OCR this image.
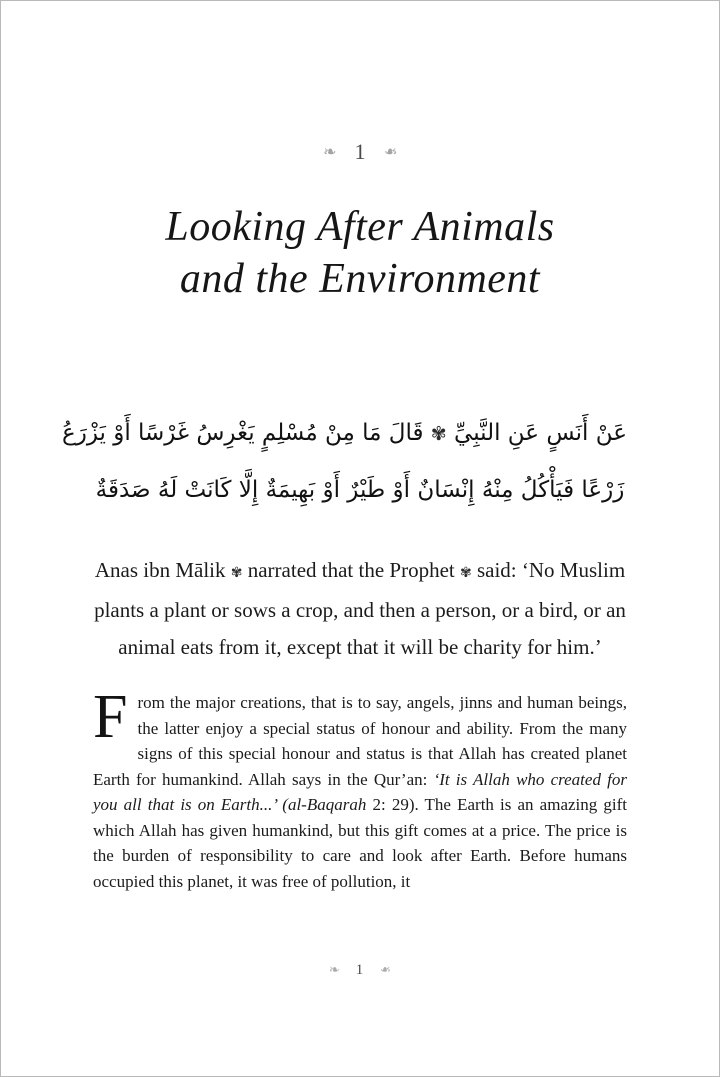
❧ 1 ❧
Looking After Animals
and the Environment
عَنْ أَنَسٍ عَنِ النَّبِيِّ ✾ قَالَ مَا مِنْ مُسْلِمٍ يَغْرِسُ غَرْسًا أَوْ يَزْرَعُ
زَرْعًا فَيَأْكُلُ مِنْهُ إِنْسَانٌ أَوْ طَيْرٌ أَوْ بَهِيمَةٌ إِلَّا كَانَتْ لَهُ صَدَقَةٌ

Anas ibn Mālik ✾ narrated that the Prophet ✾ said: ‘No Muslim plants a plant or sows a crop, and then a person, or a bird, or an animal eats from it, except that it will be charity for him.’

From the major creations, that is to say, angels, jinns and human beings, the latter enjoy a special status of honour and ability. From the many signs of this special honour and status is that Allah has created planet Earth for humankind. Allah says in the Qur’an: ‘It is Allah who created for you all that is on Earth...’ (al-Baqarah 2: 29). The Earth is an amazing gift which Allah has given humankind, but this gift comes at a price. The price is the burden of responsibility to care and look after Earth. Before humans occupied this planet, it was free of pollution, it

❧ 1 ❧
